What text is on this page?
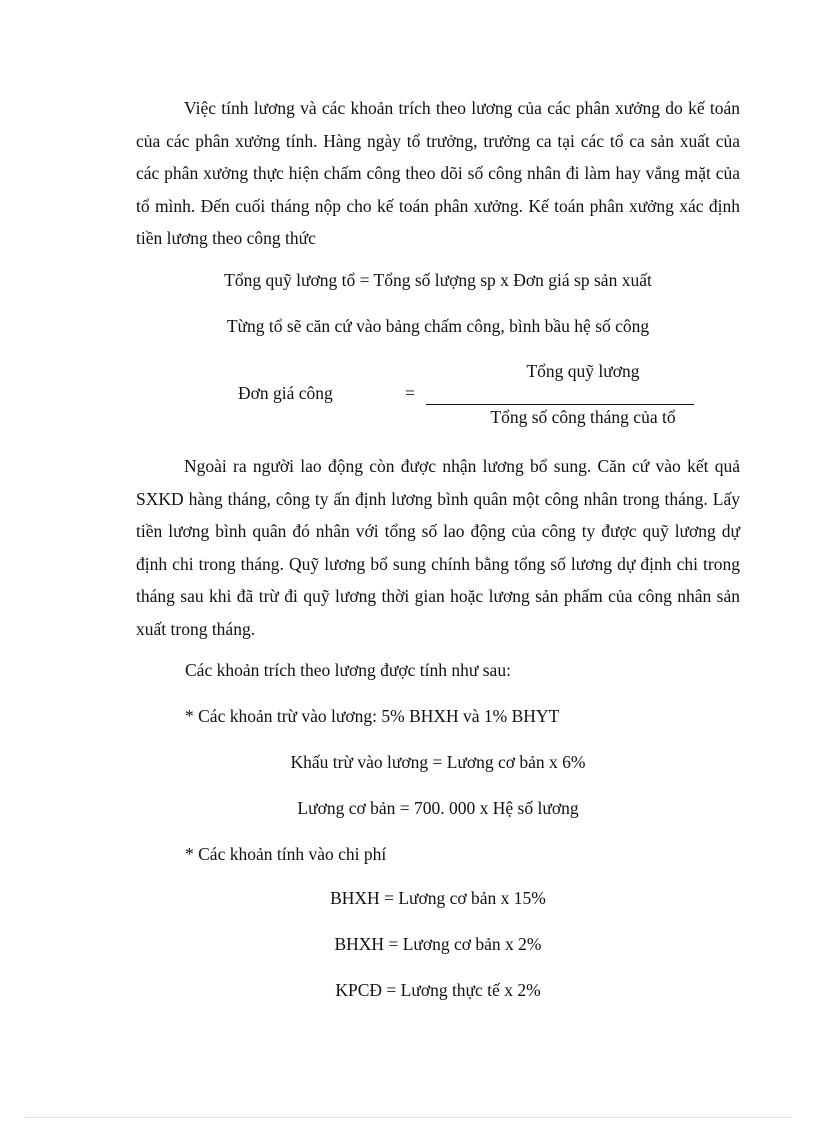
Việc tính lương và các khoản trích theo lương của các phân xưởng do kế toán của các phân xưởng tính. Hàng ngày tổ trưởng, trưởng ca tại các tổ ca sản xuất của các phân xưởng thực hiện chấm công theo dõi số công nhân đi làm hay vắng mặt của tổ mình. Đến cuối tháng nộp cho kế toán phân xưởng. Kế toán phân xưởng xác định tiền lương theo công thức

Tổng quỹ lương tổ = Tổng số lượng sp x Đơn giá sp sản xuất

Từng tổ sẽ căn cứ vào bảng chấm công, bình bầu hệ số công

Đơn giá công	=
Tổng quỹ lương
Tổng số công tháng của tổ

Ngoài ra người lao động còn được nhận lương bổ sung. Căn cứ vào kết quả SXKD hàng tháng, công ty ấn định lương bình quân một công nhân trong tháng. Lấy tiền lương bình quân đó nhân với tổng số lao động của công ty được quỹ lương dự định chi trong tháng. Quỹ lương bổ sung chính bằng tổng số lương dự định chi trong tháng sau khi đã trừ đi quỹ lương thời gian hoặc lương sản phẩm của công nhân sản xuất trong tháng.

Các khoản trích theo lương được tính như sau:

* Các khoản trừ vào lương: 5% BHXH và 1% BHYT

Khấu trừ vào lương = Lương cơ bản x 6%

Lương cơ bản = 700. 000 x Hệ số lương

* Các khoản tính vào chi phí

BHXH = Lương cơ bản x 15%

BHXH = Lương cơ bản x 2%

KPCĐ = Lương thực tế x 2%
